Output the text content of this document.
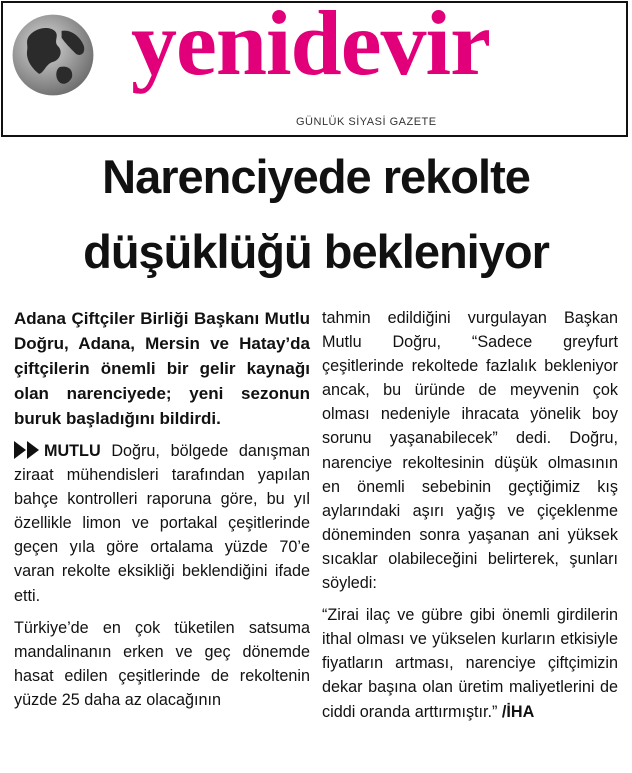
yenidevir
GÜNLÜK SİYASİ GAZETE
Narenciyede rekolte
düşüklüğü bekleniyor

Adana Çiftçiler Birliği Başkanı Mutlu Doğru, Adana, Mersin ve Hatay’da çiftçilerin önemli bir gelir kaynağı olan narenciyede; yeni sezonun buruk başladığını bildirdi.

MUTLU Doğru, bölgede danışman ziraat mühendisleri tarafından yapılan bahçe kontrolleri raporuna göre, bu yıl özellikle limon ve portakal çeşitlerinde geçen yıla göre ortalama yüzde 70’e varan rekolte eksikliği beklendiğini ifade etti.

Türkiye’de en çok tüketilen satsuma mandalinanın erken ve geç dönemde hasat edilen çeşitlerinde de rekoltenin yüzde 25 daha az olacağının

tahmin edildiğini vurgulayan Başkan Mutlu Doğru, “Sadece greyfurt çeşitlerinde rekoltede fazlalık bekleniyor ancak, bu üründe de meyvenin çok olması nedeniyle ihracata yönelik boy sorunu yaşanabilecek” dedi. Doğru, narenciye rekoltesinin düşük olmasının en önemli sebebinin geçtiğimiz kış aylarındaki aşırı yağış ve çiçeklenme döneminden sonra yaşanan ani yüksek sıcaklar olabileceğini belirterek, şunları söyledi:

“Zirai ilaç ve gübre gibi önemli girdilerin ithal olması ve yükselen kurların etkisiyle fiyatların artması, narenciye çiftçimizin dekar başına olan üretim maliyetlerini de ciddi oranda arttırmıştır.” /İHA
